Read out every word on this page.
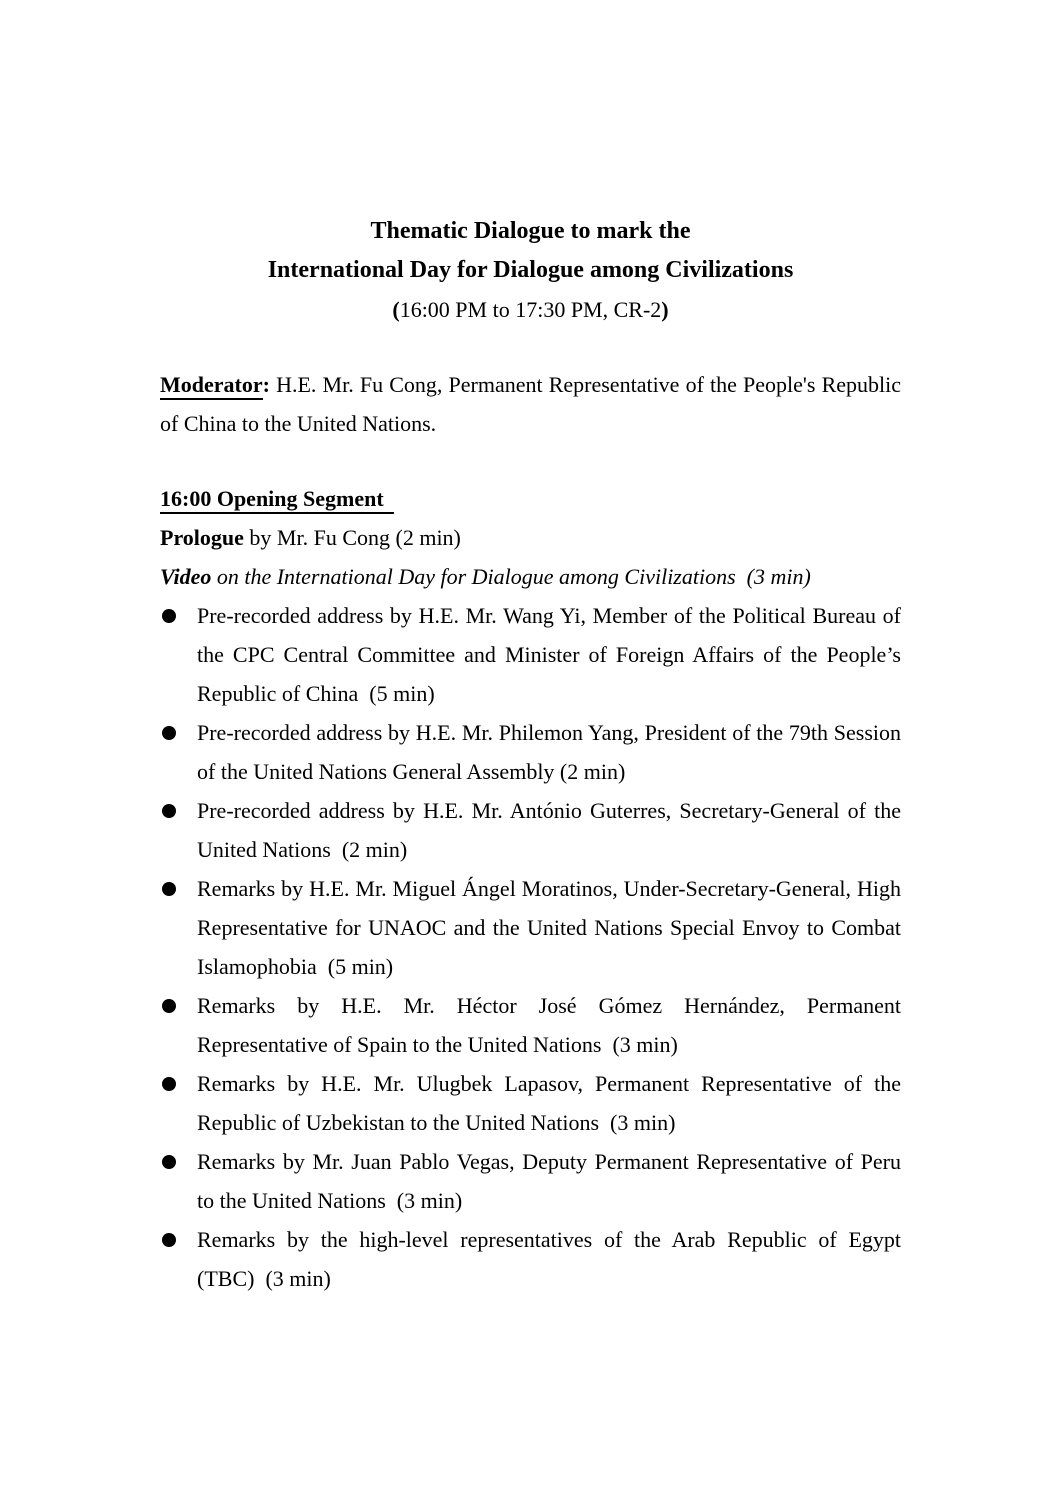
Thematic Dialogue to mark the
International Day for Dialogue among Civilizations
(16:00 PM to 17:30 PM, CR-2)

Moderator: H.E. Mr. Fu Cong, Permanent Representative of the People's Republic of China to the United Nations.

16:00 Opening Segment

Prologue by Mr. Fu Cong (2 min)

Video on the International Day for Dialogue among Civilizations  (3 min)

Pre-recorded address by H.E. Mr. Wang Yi, Member of the Political Bureau of the CPC Central Committee and Minister of Foreign Affairs of the People’s Republic of China  (5 min)
Pre-recorded address by H.E. Mr. Philemon Yang, President of the 79th Session of the United Nations General Assembly (2 min)
Pre-recorded address by H.E. Mr. António Guterres, Secretary-General of the United Nations  (2 min)
Remarks by H.E. Mr. Miguel Ángel Moratinos, Under-Secretary-General, High Representative for UNAOC and the United Nations Special Envoy to Combat Islamophobia  (5 min)
Remarks by H.E. Mr. Héctor José Gómez Hernández, Permanent Representative of Spain to the United Nations  (3 min)
Remarks by H.E. Mr. Ulugbek Lapasov, Permanent Representative of the Republic of Uzbekistan to the United Nations  (3 min)
Remarks by Mr. Juan Pablo Vegas, Deputy Permanent Representative of Peru to the United Nations  (3 min)
Remarks by the high-level representatives of the Arab Republic of Egypt (TBC)  (3 min)
